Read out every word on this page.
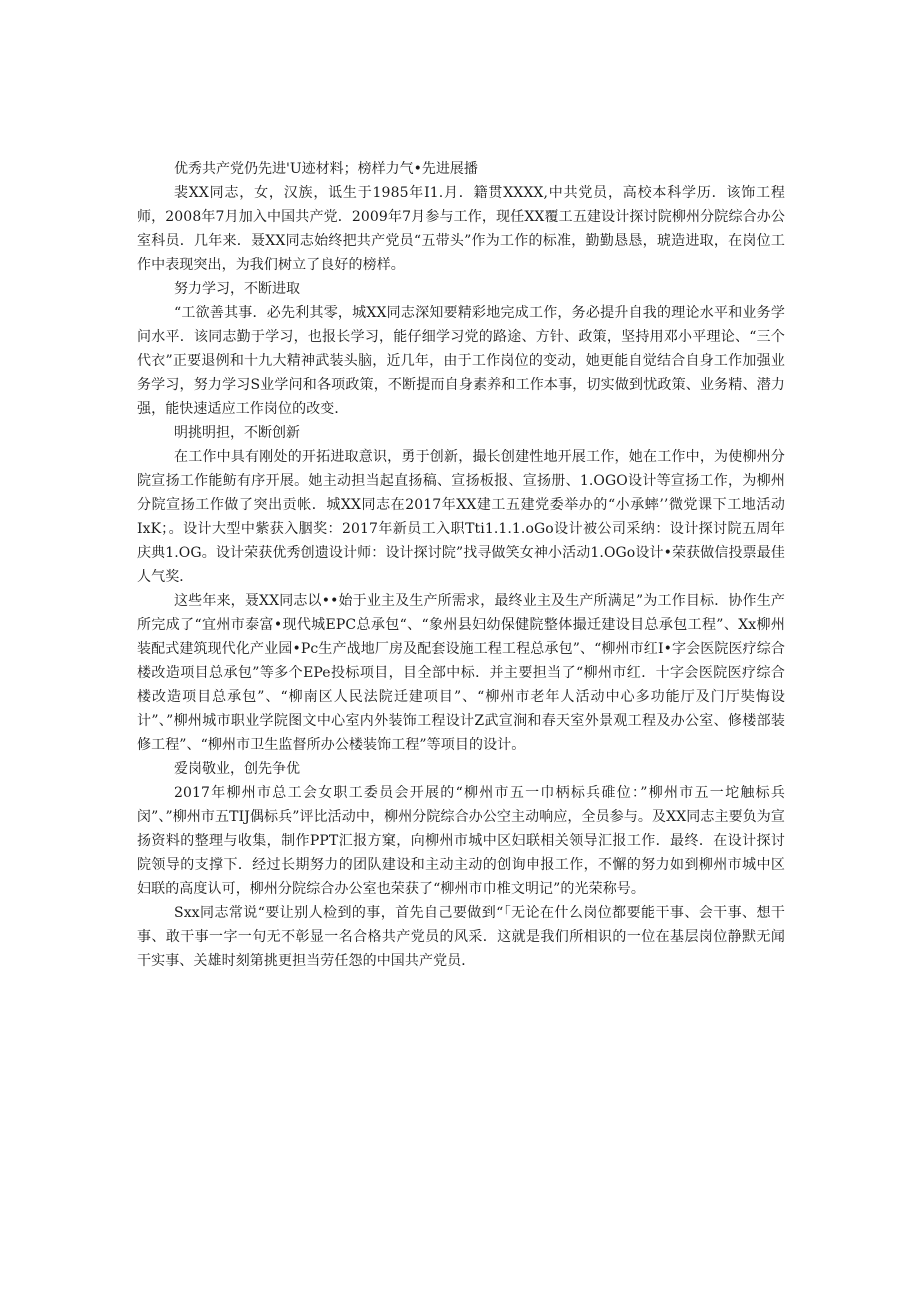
优秀共产党仍先进'U迹材料；榜样力气•先进展播

裴XX同志，女，汉族，诋生于1985年I1.月．籍贯XXXX,中共党员，高校本科学历．该饰工程师，2008年7月加入中国共产党．2009年7月参与工作，现任XX覆工五建设计探讨院柳州分院综合办公室科员．几年来．聂XX同志始终把共产党员“五带头”作为工作的标准，勤勤恳恳，琥造进取，在岗位工作中表现突出，为我们树立了良好的榜样。

努力学习，不断进取

“工欲善其事．必先利其零，城XX同志深知要精彩地完成工作，务必提升自我的理论水平和业务学问水平．该同志勤于学习，也报长学习，能仔细学习党的路途、方针、政策，坚持用邓小平理论、“三个代衣”正要退例和十九大精神武装头脑，近几年，由于工作岗位的变动，她更能自觉结合自身工作加强业务学习，努力学习S业学问和各项政策，不断提而自身素养和工作本事，切实做到忧政策、业务精、潜力强，能快速适应工作岗位的改变．

明挑明担，不断创新

在工作中具有刚处的开拓进取意识，勇于创新，撮长创建性地开展工作，她在工作中，为使柳州分院宣扬工作能鲂有序开展。她主动担当起直扬稿、宣扬板报、宣扬册、1.OGO设计等宣扬工作，为柳州分院宣扬工作做了突出贡帐．城XX同志在2017年XX建工五建党委举办的“小承蟀’’微党课下工地活动IxK；。设计大型中紫获入胭奖：2017年新员工入职Tti1.1.1.oGo设计被公司采纳：设计探讨院五周年庆典1.OG。设计荣获优秀创遗设计师：设计探讨院”找寻做笑女神小活动1.OGo设计•荣获做信投票最佳人气奖．

这些年来，聂XX同志以••始于业主及生产所需求，最终业主及生产所满足”为工作目标．协作生产所完成了“宜州市泰富•现代城EPC总承包“、“象州县妇幼保健院整体撮迁建设目总承包工程”、Xx柳州装配式建筑现代化产业园•Pc生产战地厂房及配套设施工程工程总承包”、“柳州市红I•字会医院医疗综合楼改造项目总承包”等多个EPe投标项目，目全部中标．并主要担当了“柳州市红．十字会医院医疗综合楼改造项目总承包”、“柳南区人民法院迁建项目”、“柳州市老年人活动中心多功能厅及门厅奘悔设计”、”柳州城市职业学院图文中心室内外装饰工程设计Z武宣涧和春天室外景观工程及办公室、修楼部装修工程”、“柳州市卫生监督所办公楼装饰工程”等项目的设计。

爱岗敬业，创先争优

2017年柳州市总工会女职工委员会开展的“柳州市五一巾柄标兵碓位：”柳州市五一坨触标兵闵”、”柳州市五TIJ偶标兵”评比活动中，柳州分院综合办公空主动响应，全员参与。及XX同志主要负为宣扬资料的整理与收集，制作PPT汇报方窠，向柳州市城中区妇联相关领导汇报工作．最终．在设计探讨院领导的支撑下．经过长期努力的团队建设和主动主动的创询申报工作，不懈的努力如到柳州市城中区妇联的高度认可，柳州分院综合办公室也荣获了“柳州市巾椎文明记”的光荣称号。

Sxx同志常说“要让别人检到的事，首先自己要做到“「无论在什么岗位都要能干事、会干事、想干事、敢干事一字一句无不彰显一名合格共产党员的风采．这就是我们所相识的一位在基层岗位静默无闻干实事、关雄时刻第挑更担当劳任怨的中国共产党员．
